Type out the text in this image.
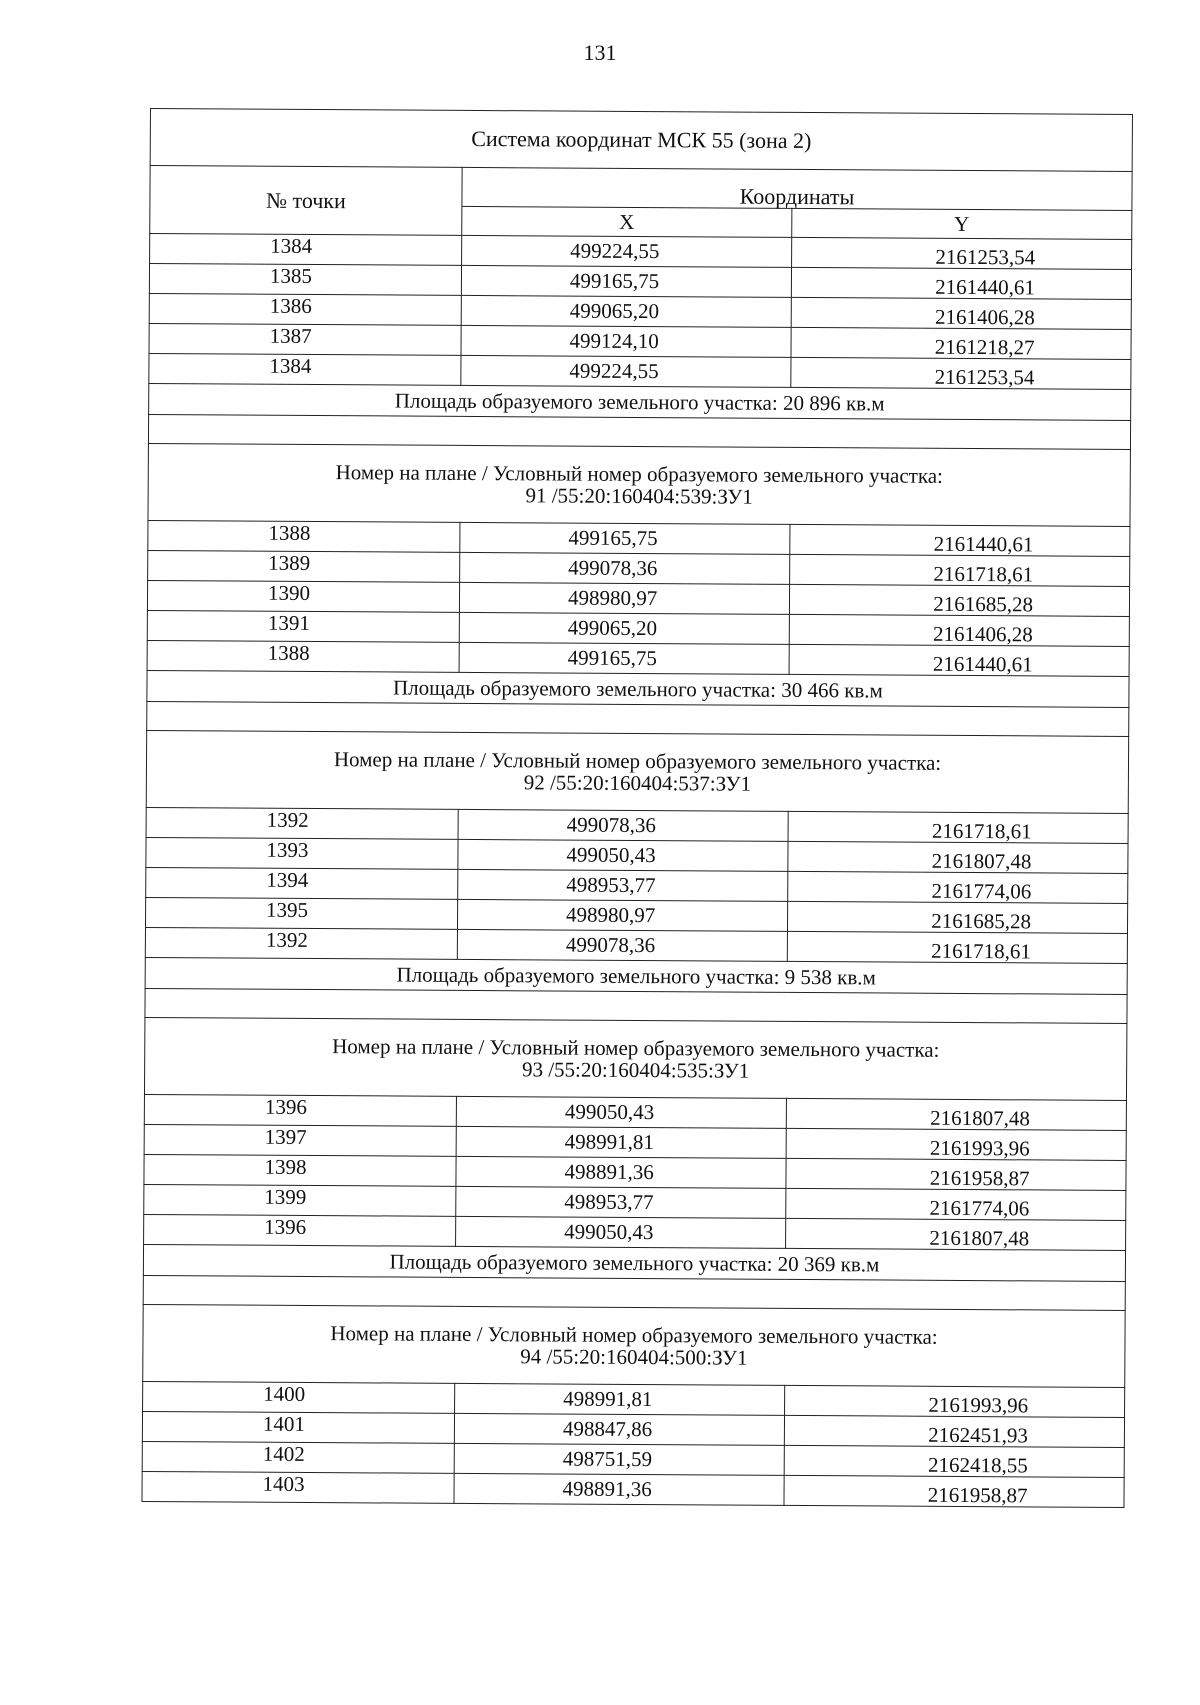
131
Система координат МСК 55 (зона 2)		
№ точки	Координаты	
	X	Y
1384	499224,55	2161253,54
1385	499165,75	2161440,61
1386	499065,20	2161406,28
1387	499124,10	2161218,27
1384	499224,55	2161253,54
Площадь образуемого земельного участка: 20 896 кв.м		

Номер на плане / Условный номер образуемого земельного участка:
91 /55:20:160404:539:ЗУ1		

1388	499165,75	2161440,61
1389	499078,36	2161718,61
1390	498980,97	2161685,28
1391	499065,20	2161406,28
1388	499165,75	2161440,61
Площадь образуемого земельного участка: 30 466 кв.м		

Номер на плане / Условный номер образуемого земельного участка:
92 /55:20:160404:537:ЗУ1		

1392	499078,36	2161718,61
1393	499050,43	2161807,48
1394	498953,77	2161774,06
1395	498980,97	2161685,28
1392	499078,36	2161718,61
Площадь образуемого земельного участка: 9 538 кв.м		

Номер на плане / Условный номер образуемого земельного участка:
93 /55:20:160404:535:ЗУ1		

1396	499050,43	2161807,48
1397	498991,81	2161993,96
1398	498891,36	2161958,87
1399	498953,77	2161774,06
1396	499050,43	2161807,48
Площадь образуемого земельного участка: 20 369 кв.м		

Номер на плане / Условный номер образуемого земельного участка:
94 /55:20:160404:500:ЗУ1		

1400	498991,81	2161993,96
1401	498847,86	2162451,93
1402	498751,59	2162418,55
1403	498891,36	2161958,87
